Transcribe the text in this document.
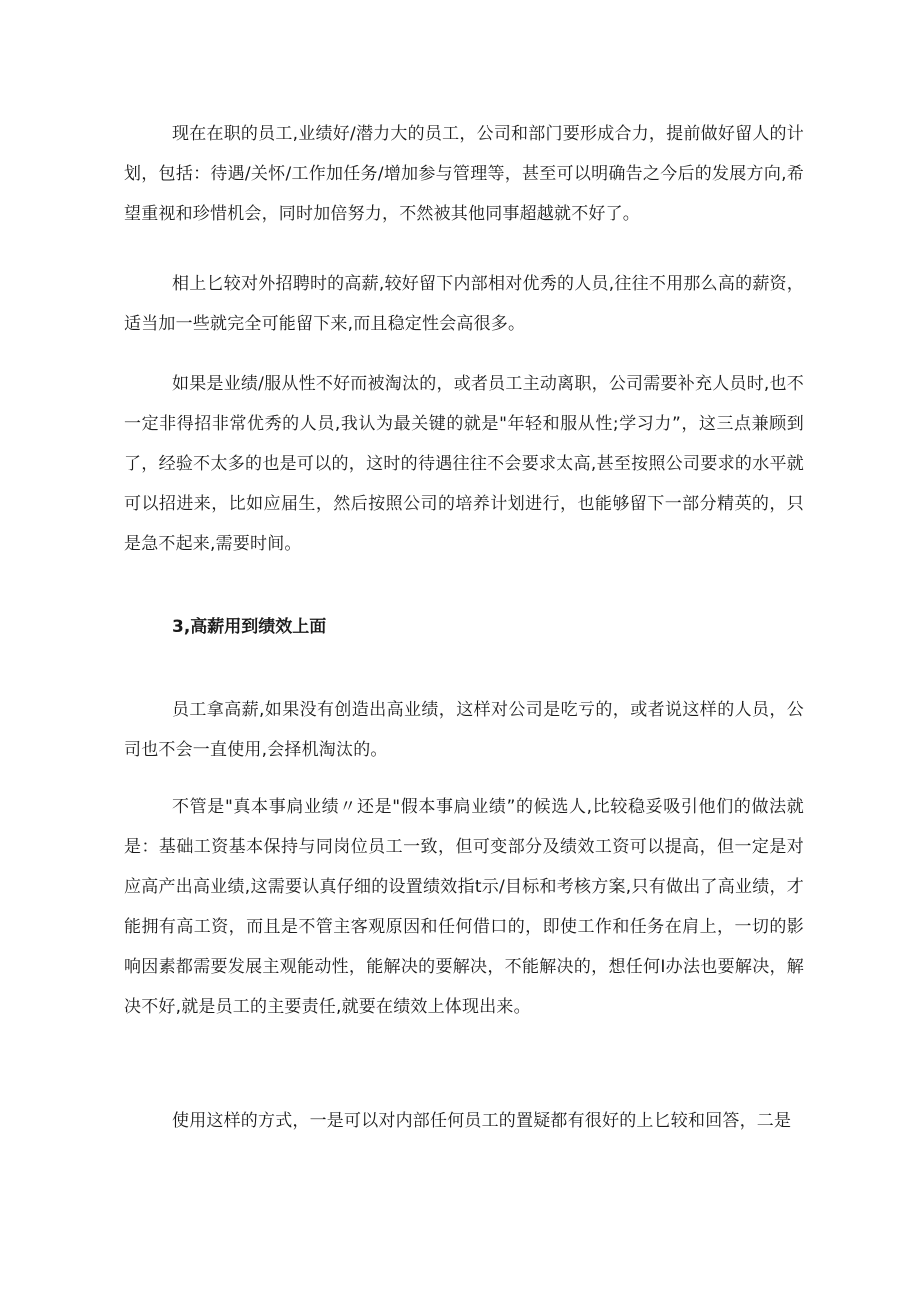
现在在职的员工,业绩好/潜力大的员工，公司和部门要形成合力，提前做好留人的计划，包括：待遇/关怀/工作加任务/增加参与管理等，甚至可以明确告之今后的发展方向,希望重视和珍惜机会，同时加倍努力，不然被其他同事超越就不好了。

相上匕较对外招聘时的高薪,较好留下内部相对优秀的人员,往往不用那么高的薪资，适当加一些就完全可能留下来,而且稳定性会高很多。

如果是业绩/服从性不好而被淘汰的，或者员工主动离职，公司需要补充人员时,也不一定非得招非常优秀的人员,我认为最关键的就是"年轻和服从性;学习力”，这三点兼顾到了，经验不太多的也是可以的，这时的待遇往往不会要求太高,甚至按照公司要求的水平就可以招进来，比如应届生，然后按照公司的培养计划进行，也能够留下一部分精英的，只是急不起来,需要时间。

3,高薪用到绩效上面

员工拿高薪,如果没有创造出高业绩，这样对公司是吃亏的，或者说这样的人员，公司也不会一直使用,会择机淘汰的。

不管是"真本事扃业绩〃还是"假本事扃业绩”的候选人,比较稳妥吸引他们的做法就是：基础工资基本保持与同岗位员工一致，但可变部分及绩效工资可以提高，但一定是对应高产出高业绩,这需要认真仔细的设置绩效指t示/目标和考核方案,只有做出了高业绩，才能拥有高工资，而且是不管主客观原因和任何借口的，即使工作和任务在肩上，一切的影响因素都需要发展主观能动性，能解决的要解决，不能解决的，想任何Ⅰ办法也要解决，解决不好,就是员工的主要责任,就要在绩效上体现出来。

使用这样的方式，一是可以对内部任何员工的置疑都有很好的上匕较和回答，二是
